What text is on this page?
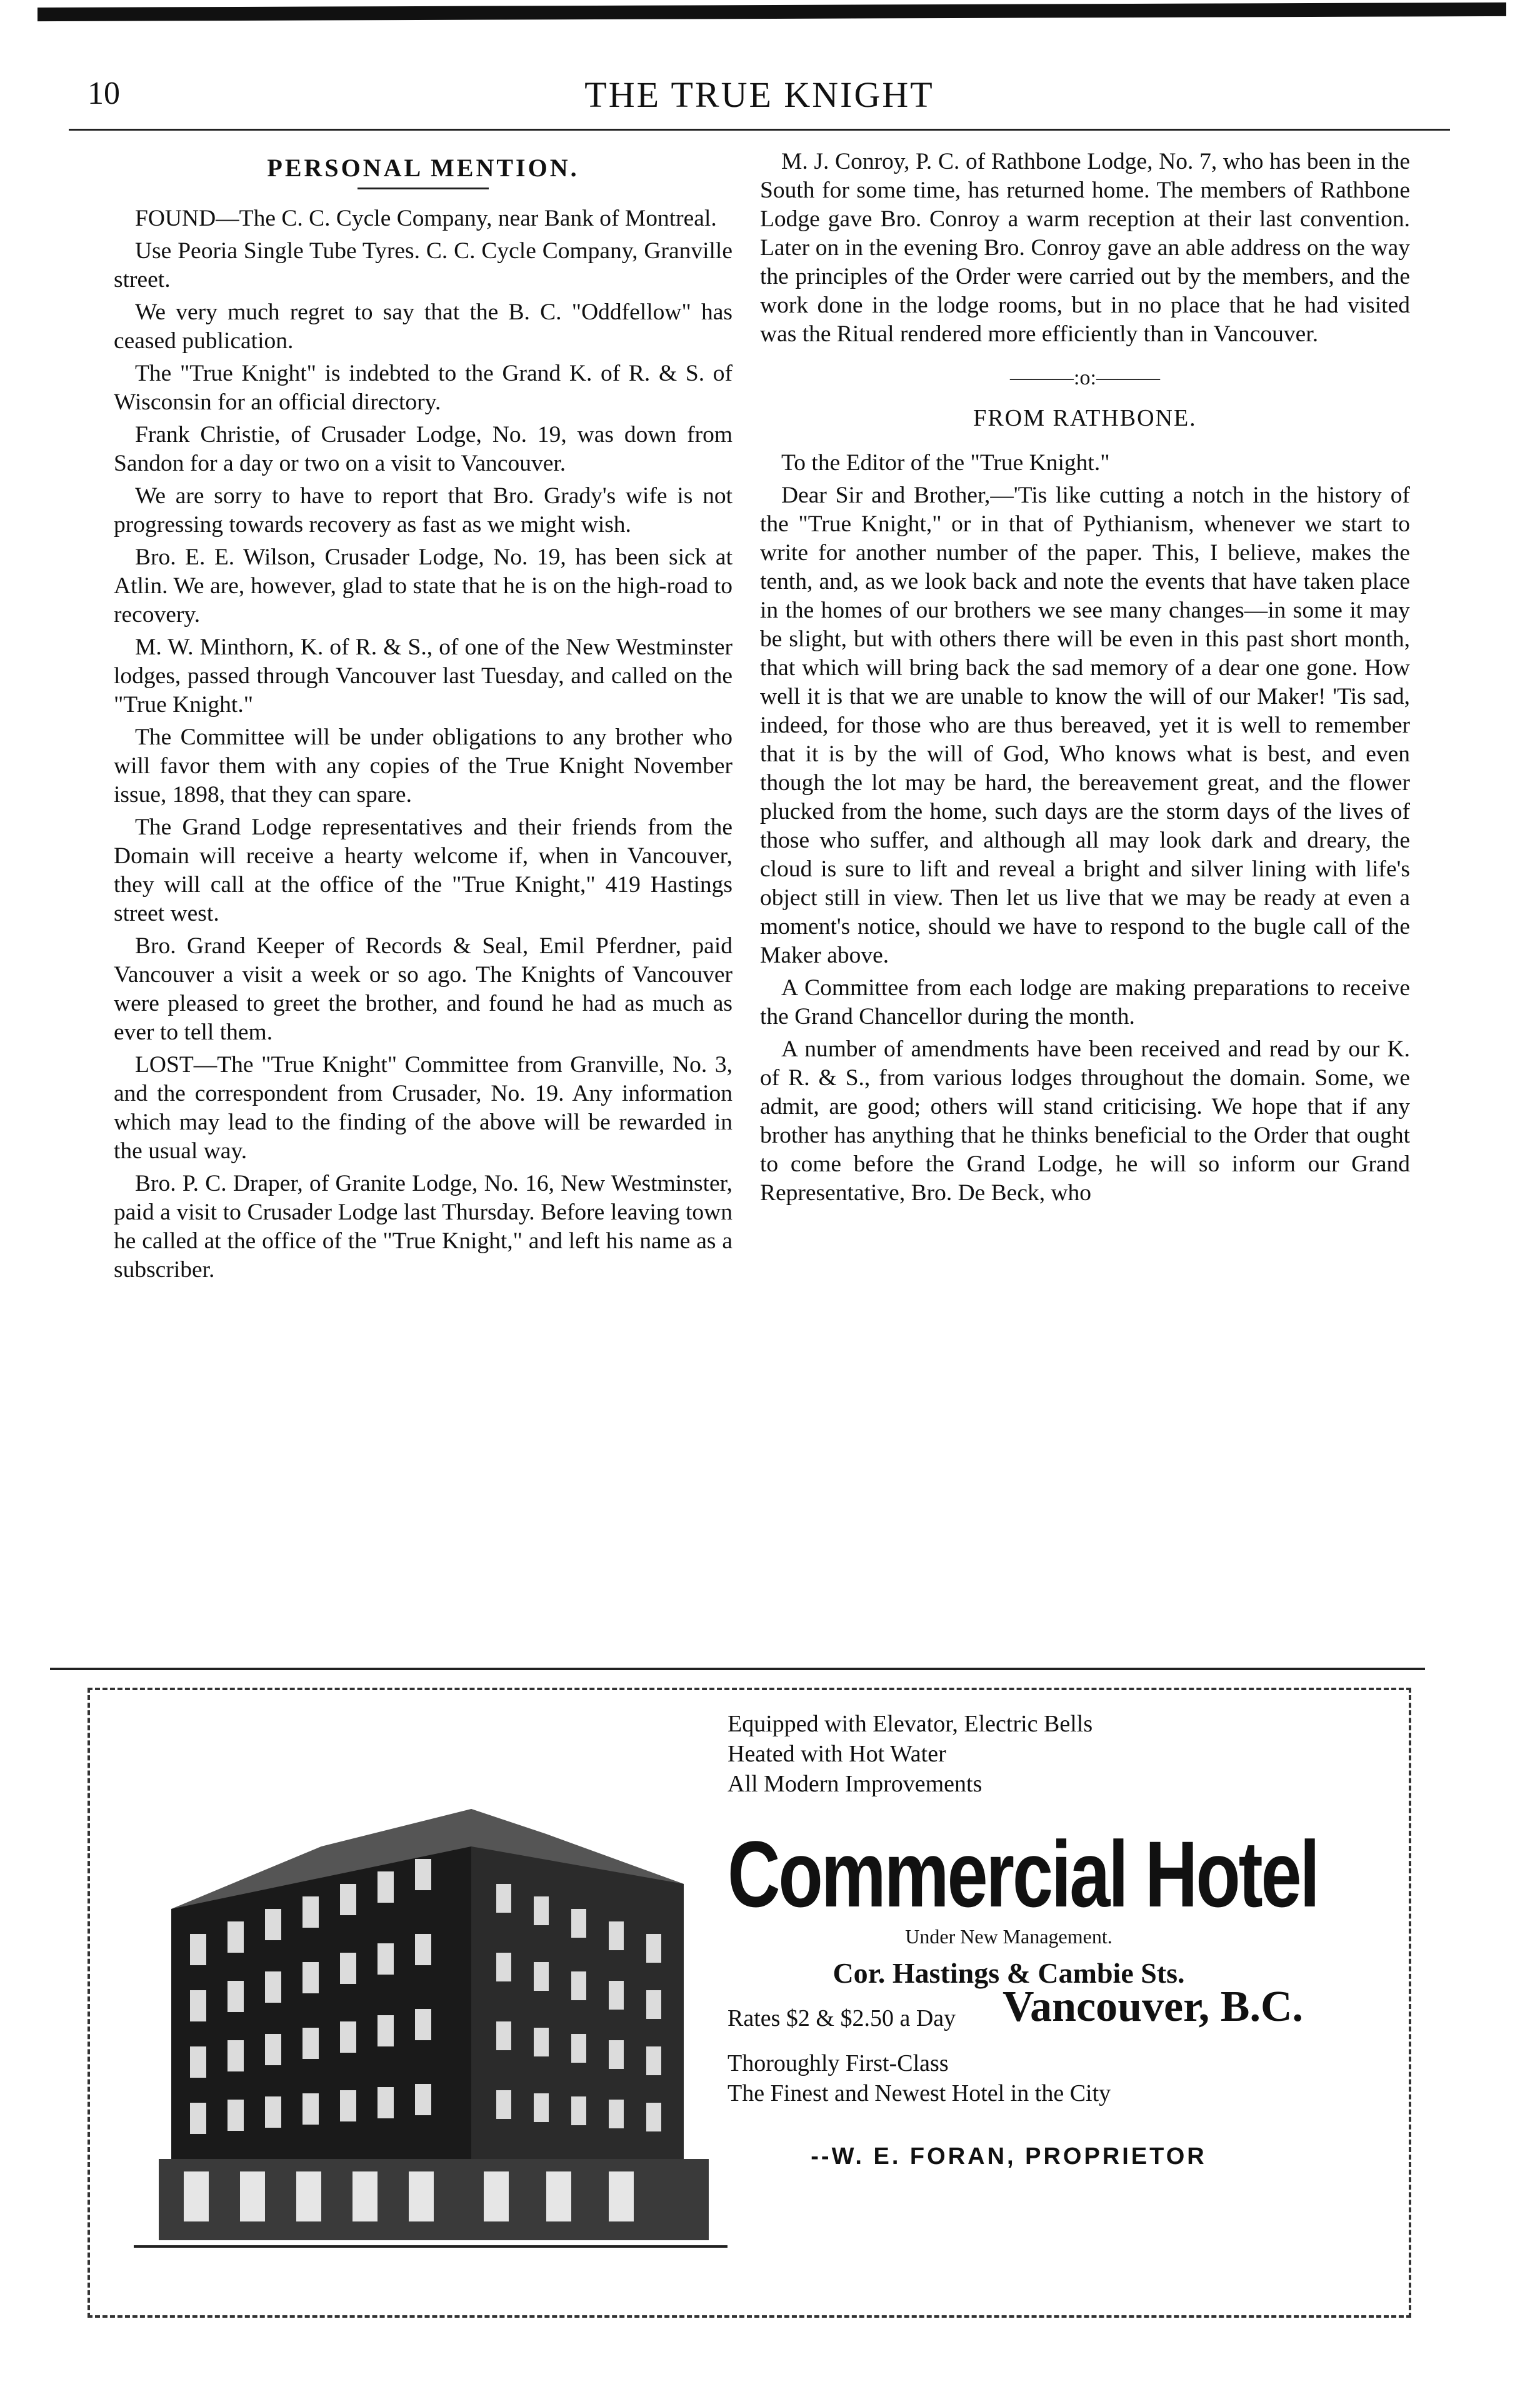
10	THE TRUE KNIGHT
PERSONAL MENTION.

FOUND—The C. C. Cycle Company, near Bank of Montreal.

Use Peoria Single Tube Tyres. C. C. Cycle Company, Granville street.

We very much regret to say that the B. C. "Oddfellow" has ceased publication.

The "True Knight" is indebted to the Grand K. of R. & S. of Wisconsin for an official directory.

Frank Christie, of Crusader Lodge, No. 19, was down from Sandon for a day or two on a visit to Vancouver.

We are sorry to have to report that Bro. Grady's wife is not progressing towards recovery as fast as we might wish.

Bro. E. E. Wilson, Crusader Lodge, No. 19, has been sick at Atlin. We are, however, glad to state that he is on the high-road to recovery.

M. W. Minthorn, K. of R. & S., of one of the New Westminster lodges, passed through Vancouver last Tuesday, and called on the "True Knight."

The Committee will be under obligations to any brother who will favor them with any copies of the True Knight November issue, 1898, that they can spare.

The Grand Lodge representatives and their friends from the Domain will receive a hearty welcome if, when in Vancouver, they will call at the office of the "True Knight," 419 Hastings street west.

Bro. Grand Keeper of Records & Seal, Emil Pferdner, paid Vancouver a visit a week or so ago. The Knights of Vancouver were pleased to greet the brother, and found he had as much as ever to tell them.

LOST—The "True Knight" Committee from Granville, No. 3, and the correspondent from Crusader, No. 19. Any information which may lead to the finding of the above will be rewarded in the usual way.

Bro. P. C. Draper, of Granite Lodge, No. 16, New Westminster, paid a visit to Crusader Lodge last Thursday. Before leaving town he called at the office of the "True Knight," and left his name as a subscriber.

M. J. Conroy, P. C. of Rathbone Lodge, No. 7, who has been in the South for some time, has returned home. The members of Rathbone Lodge gave Bro. Conroy a warm reception at their last convention. Later on in the evening Bro. Conroy gave an able address on the way the principles of the Order were carried out by the members, and the work done in the lodge rooms, but in no place that he had visited was the Ritual rendered more efficiently than in Vancouver.

———:o:———
FROM RATHBONE.

To the Editor of the "True Knight."

Dear Sir and Brother,—'Tis like cutting a notch in the history of the "True Knight," or in that of Pythianism, whenever we start to write for another number of the paper. This, I believe, makes the tenth, and, as we look back and note the events that have taken place in the homes of our brothers we see many changes—in some it may be slight, but with others there will be even in this past short month, that which will bring back the sad memory of a dear one gone. How well it is that we are unable to know the will of our Maker! 'Tis sad, indeed, for those who are thus bereaved, yet it is well to remember that it is by the will of God, Who knows what is best, and even though the lot may be hard, the bereavement great, and the flower plucked from the home, such days are the storm days of the lives of those who suffer, and although all may look dark and dreary, the cloud is sure to lift and reveal a bright and silver lining with life's object still in view. Then let us live that we may be ready at even a moment's notice, should we have to respond to the bugle call of the Maker above.

A Committee from each lodge are making preparations to receive the Grand Chancellor during the month.

A number of amendments have been received and read by our K. of R. & S., from various lodges throughout the domain. Some, we admit, are good; others will stand criticising. We hope that if any brother has anything that he thinks beneficial to the Order that ought to come before the Grand Lodge, he will so inform our Grand Representative, Bro. De Beck, who

Equipped with Elevator, Electric Bells
Heated with Hot Water
All Modern Improvements
Commercial Hotel
Under New Management.
Cor. Hastings & Cambie Sts.
Rates $2 & $2.50 a Day Vancouver, B.C.
Thoroughly First-Class
The Finest and Newest Hotel in the City
--W. E. FORAN, PROPRIETOR
